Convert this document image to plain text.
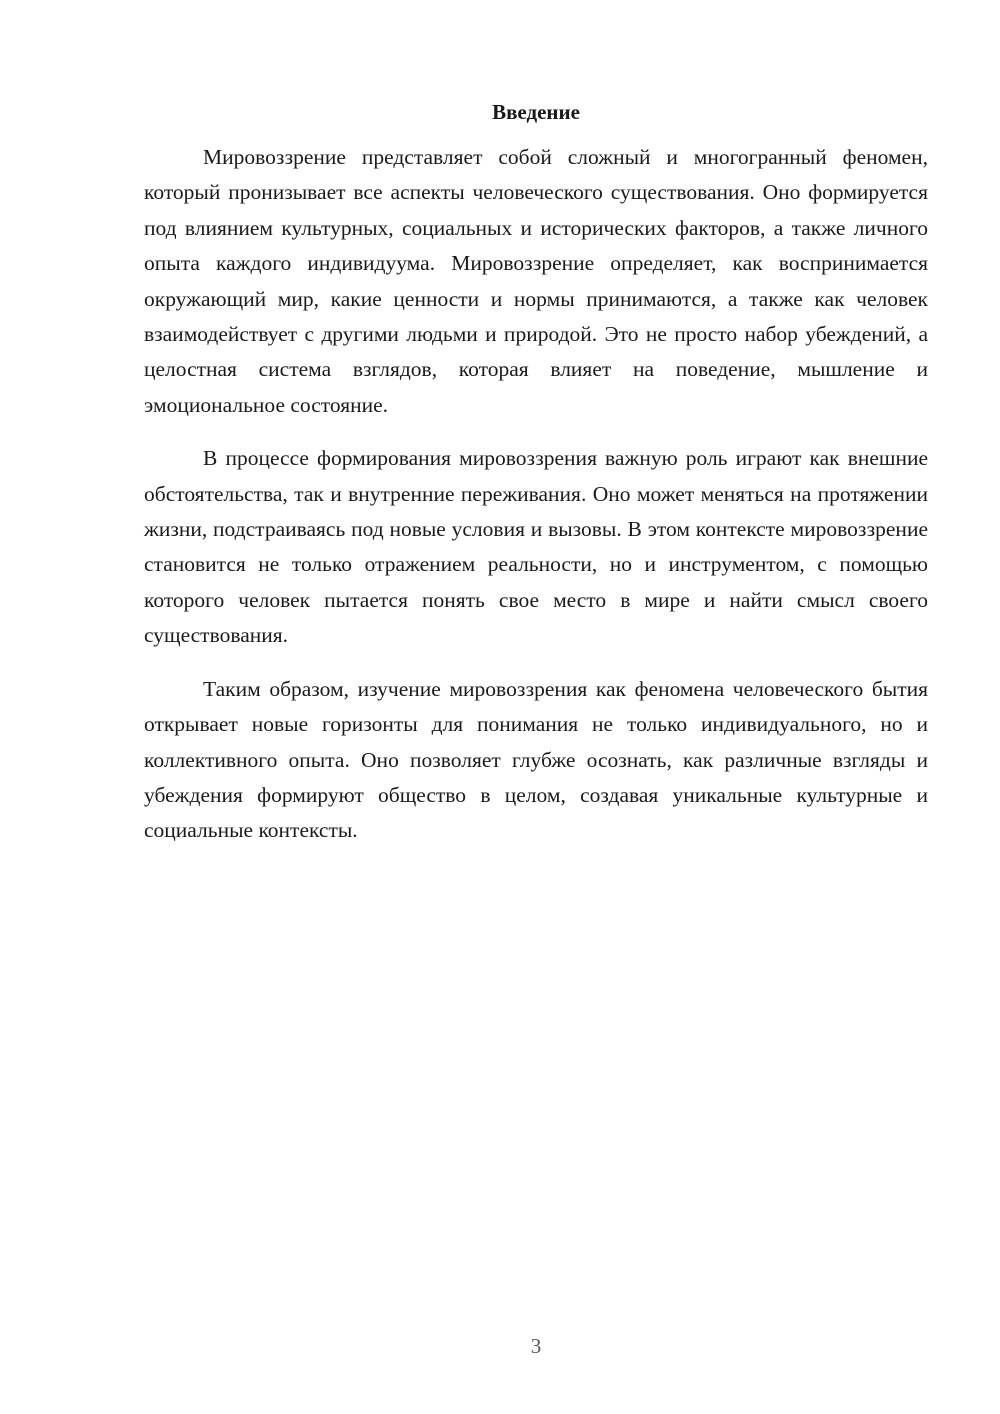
Введение

Мировоззрение представляет собой сложный и многогранный феномен, который пронизывает все аспекты человеческого существования. Оно формируется под влиянием культурных, социальных и исторических факторов, а также личного опыта каждого индивидуума. Мировоззрение определяет, как воспринимается окружающий мир, какие ценности и нормы принимаются, а также как человек взаимодействует с другими людьми и природой. Это не просто набор убеждений, а целостная система взглядов, которая влияет на поведение, мышление и эмоциональное состояние.

В процессе формирования мировоззрения важную роль играют как внешние обстоятельства, так и внутренние переживания. Оно может меняться на протяжении жизни, подстраиваясь под новые условия и вызовы. В этом контексте мировоззрение становится не только отражением реальности, но и инструментом, с помощью которого человек пытается понять свое место в мире и найти смысл своего существования.

Таким образом, изучение мировоззрения как феномена человеческого бытия открывает новые горизонты для понимания не только индивидуального, но и коллективного опыта. Оно позволяет глубже осознать, как различные взгляды и убеждения формируют общество в целом, создавая уникальные культурные и социальные контексты.

3
